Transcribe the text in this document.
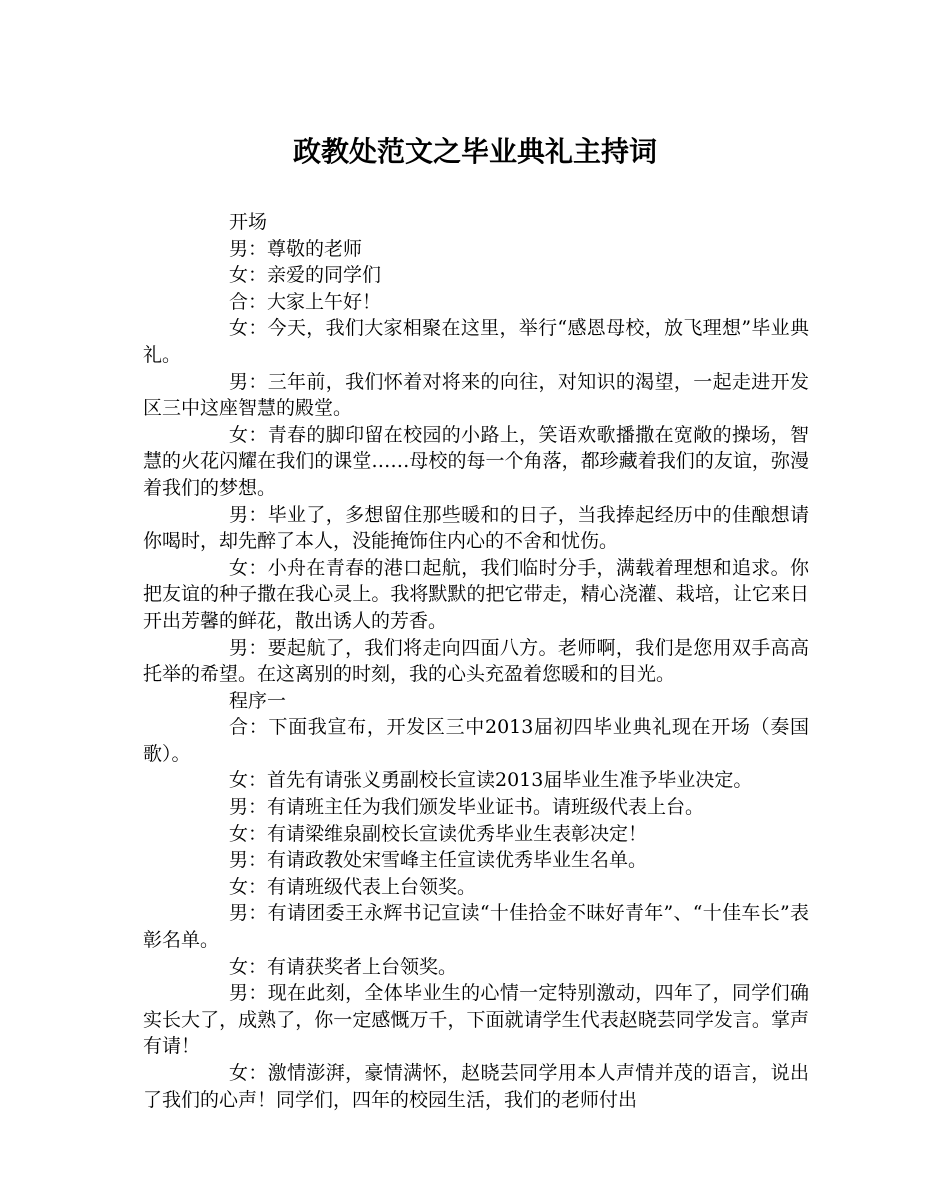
政教处范文之毕业典礼主持词

开场

男：尊敬的老师

女：亲爱的同学们

合：大家上午好！

女：今天，我们大家相聚在这里，举行“感恩母校，放飞理想”毕业典礼。

男：三年前，我们怀着对将来的向往，对知识的渴望，一起走进开发区三中这座智慧的殿堂。

女：青春的脚印留在校园的小路上，笑语欢歌播撒在宽敞的操场，智慧的火花闪耀在我们的课堂……母校的每一个角落，都珍藏着我们的友谊，弥漫着我们的梦想。

男：毕业了，多想留住那些暖和的日子，当我捧起经历中的佳酿想请你喝时，却先醉了本人，没能掩饰住内心的不舍和忧伤。

女：小舟在青春的港口起航，我们临时分手，满载着理想和追求。你把友谊的种子撒在我心灵上。我将默默的把它带走，精心浇灌、栽培，让它来日开出芳馨的鲜花，散出诱人的芳香。

男：要起航了，我们将走向四面八方。老师啊，我们是您用双手高高托举的希望。在这离别的时刻，我的心头充盈着您暖和的目光。

程序一

合：下面我宣布，开发区三中2013届初四毕业典礼现在开场（奏国歌）。

女：首先有请张义勇副校长宣读2013届毕业生准予毕业决定。

男：有请班主任为我们颁发毕业证书。请班级代表上台。

女：有请梁维泉副校长宣读优秀毕业生表彰决定！

男：有请政教处宋雪峰主任宣读优秀毕业生名单。

女：有请班级代表上台领奖。

男：有请团委王永辉书记宣读“十佳拾金不昧好青年”、“十佳车长”表彰名单。

女：有请获奖者上台领奖。

男：现在此刻，全体毕业生的心情一定特别激动，四年了，同学们确实长大了，成熟了，你一定感慨万千，下面就请学生代表赵晓芸同学发言。掌声有请！

女：激情澎湃，豪情满怀，赵晓芸同学用本人声情并茂的语言，说出了我们的心声！同学们，四年的校园生活，我们的老师付出
